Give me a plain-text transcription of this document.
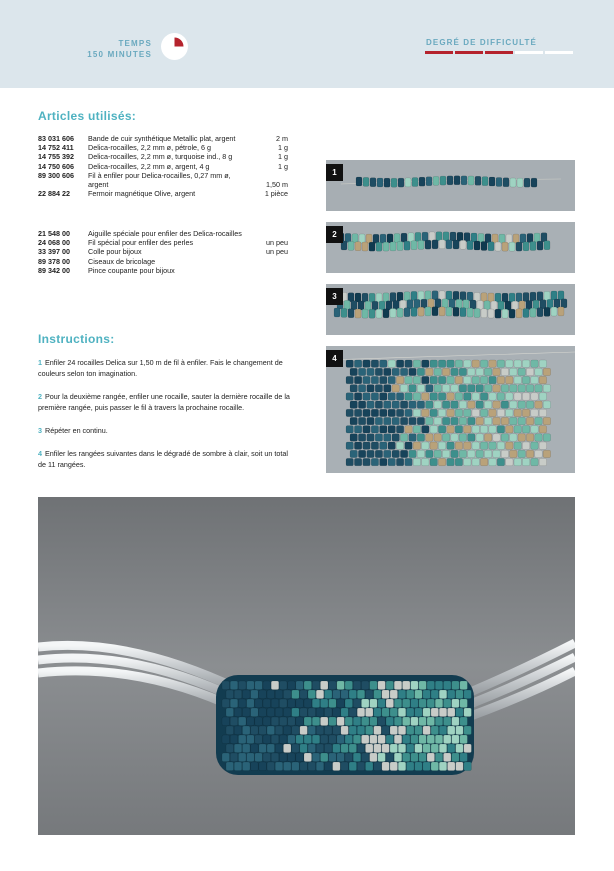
TEMPS
150 MINUTES
DEGRÉ DE DIFFICULTÉ
Articles utilisés:
83 031 606	Bande de cuir synthétique Metallic plat, argent	2 m
14 752 411	Delica-rocailles, 2,2 mm ø, pétrole, 6 g	1 g
14 755 392	Delica-rocailles, 2,2 mm ø, turquoise ind., 8 g	1 g
14 750 606	Delica-rocailles, 2,2 mm ø, argent, 4 g	1 g
89 300 606	Fil à enfiler pour Delica-rocailles, 0,27 mm ø,	
	argent	1,50 m
22 884 22	Fermoir magnétique Olive, argent	1 pièce
21 548 00	Aiguille spéciale pour enfiler des Delica-rocailles	
24 068 00	Fil spécial pour enfiler des perles	un peu
33 397 00	Colle pour bijoux	un peu
89 378 00	Ciseaux de bricolage	
89 342 00	Pince coupante pour bijoux	
Instructions:

1 Enfiler 24 rocailles Delica sur 1,50 m de fil à enfiler. Fais le changement de couleurs selon ton imagination.

2 Pour la deuxième rangée, enfiler une rocaille, sauter la dernière rocaille de la première rangée, puis passer le fil à travers la prochaine rocaille.

3 Répéter en continu.

4 Enfiler les rangées suivantes dans le dégradé de sombre à clair, soit un total de 11 rangées.

1
2
3
4
